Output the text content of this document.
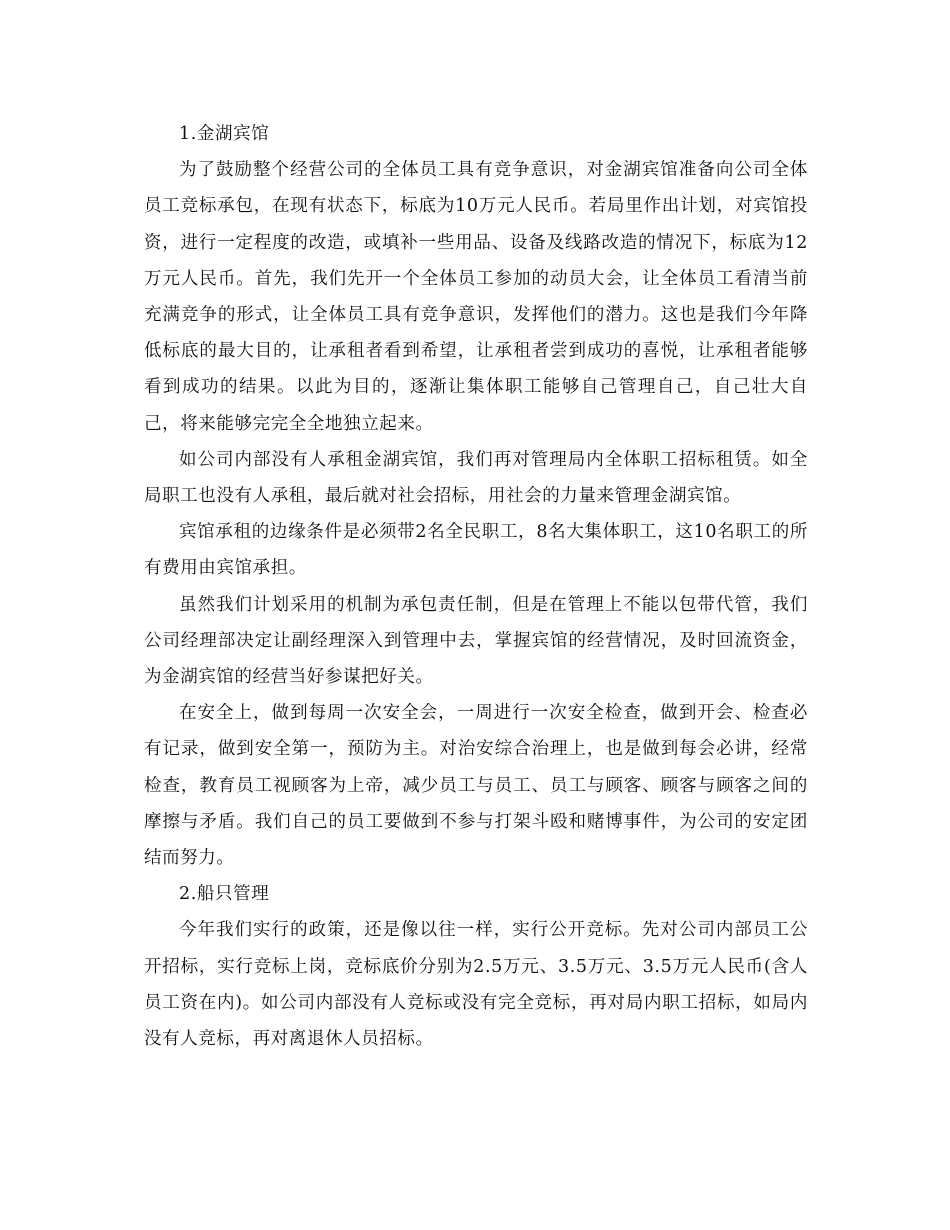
1.金湖宾馆

为了鼓励整个经营公司的全体员工具有竞争意识，对金湖宾馆准备向公司全体员工竞标承包，在现有状态下，标底为10万元人民币。若局里作出计划，对宾馆投资，进行一定程度的改造，或填补一些用品、设备及线路改造的情况下，标底为12万元人民币。首先，我们先开一个全体员工参加的动员大会，让全体员工看清当前充满竞争的形式，让全体员工具有竞争意识，发挥他们的潜力。这也是我们今年降低标底的最大目的，让承租者看到希望，让承租者尝到成功的喜悦，让承租者能够看到成功的结果。以此为目的，逐渐让集体职工能够自己管理自己，自己壮大自己，将来能够完完全全地独立起来。

如公司内部没有人承租金湖宾馆，我们再对管理局内全体职工招标租赁。如全局职工也没有人承租，最后就对社会招标，用社会的力量来管理金湖宾馆。

宾馆承租的边缘条件是必须带2名全民职工，8名大集体职工，这10名职工的所有费用由宾馆承担。

虽然我们计划采用的机制为承包责任制，但是在管理上不能以包带代管，我们公司经理部决定让副经理深入到管理中去，掌握宾馆的经营情况，及时回流资金，为金湖宾馆的经营当好参谋把好关。

在安全上，做到每周一次安全会，一周进行一次安全检查，做到开会、检查必有记录，做到安全第一，预防为主。对治安综合治理上，也是做到每会必讲，经常检查，教育员工视顾客为上帝，减少员工与员工、员工与顾客、顾客与顾客之间的摩擦与矛盾。我们自己的员工要做到不参与打架斗殴和赌博事件，为公司的安定团结而努力。

2.船只管理

今年我们实行的政策，还是像以往一样，实行公开竞标。先对公司内部员工公开招标，实行竞标上岗，竞标底价分别为2.5万元、3.5万元、3.5万元人民币(含人员工资在内)。如公司内部没有人竞标或没有完全竞标，再对局内职工招标，如局内没有人竞标，再对离退休人员招标。
